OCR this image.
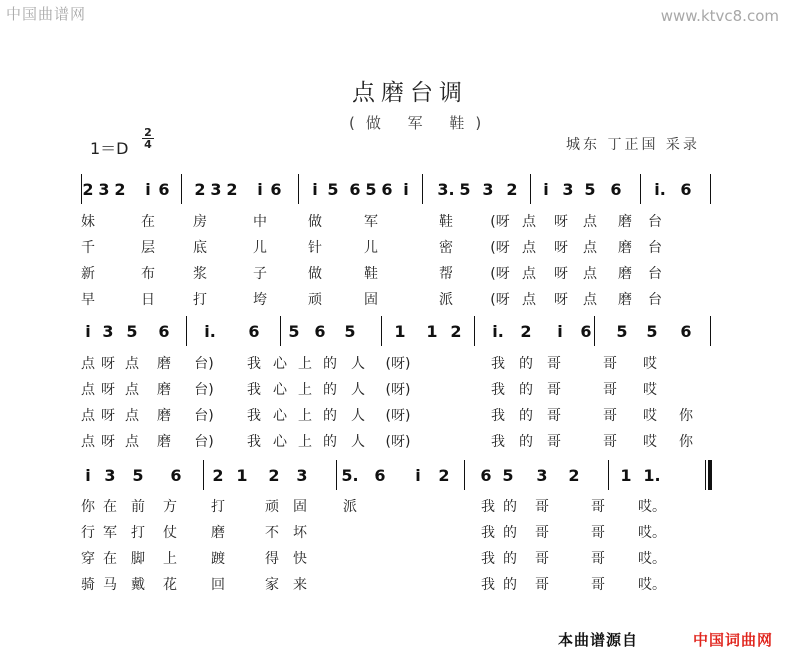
中国曲谱网	www.ktvc8.com
点磨台调
(做 军 鞋)
$1=D \frac{2}{4}$	城东 丁正国 采录
2 3 2 i 6 2 3 2 i 6 i 5 6 5 6 i 3. 5 3 2 i 3 5 6 i. 6
妹	在	房	中	做	军	鞋	(呀 点 呀 点 磨 台
千	层	底	儿	针	儿	密	(呀 点 呀 点 磨 台
新	布	浆	子	做	鞋	帮	(呀 点 呀 点 磨 台
早	日	打	垮	顽	固	派	(呀 点 呀 点 磨 台
i 3 5 6 i. 6 5 6 5 1 1 2 i. 2 i 6 5 5 6
点 呀 点 磨 台) 我 心 上 的 人 (呀)	我 的 哥	哥 哎
点 呀 点 磨 台) 我 心 上 的 人 (呀)	我 的 哥	哥 哎
点 呀 点 磨 台) 我 心 上 的 人 (呀)	我 的 哥	哥 哎 你
点 呀 点 磨 台) 我 心 上 的 人 (呀)	我 的 哥	哥 哎 你
i 3 5 6 2 1 2 3 5. 6 i 2 6 5 3 2	1 1.
你 在 前 方 打	顽 固	派	我 的 哥	哥 哎。
行 军 打 仗 磨	不 坏	我 的 哥	哥 哎。
穿 在 脚 上 踱	得 快	我 的 哥	哥 哎。
骑 马 戴 花 回	家 来	我 的 哥	哥 哎。
本曲谱源自	中国词曲网
